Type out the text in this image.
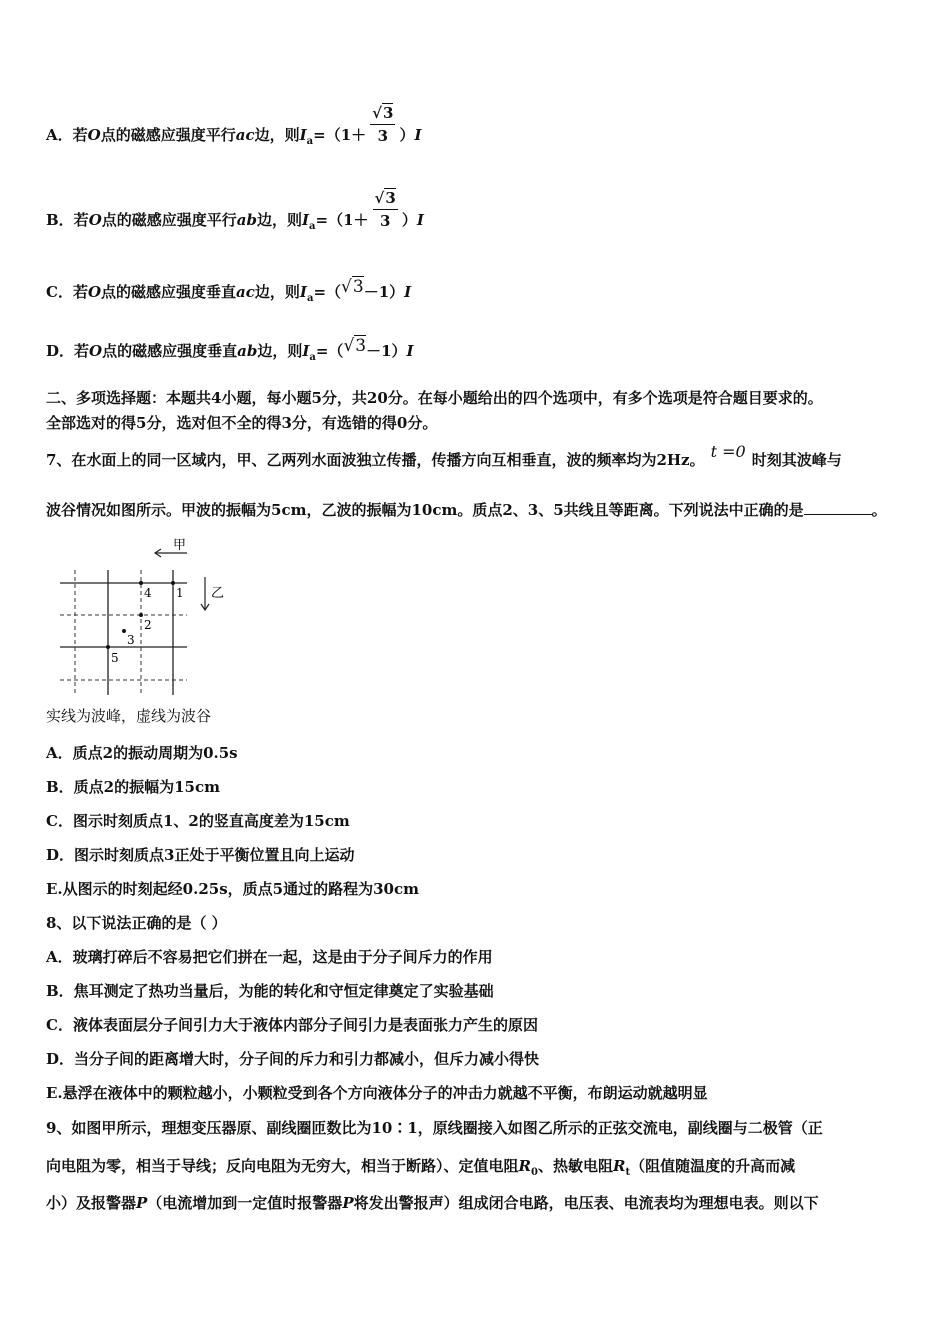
A．若O点的磁感应强度平行ac边，则$I_a=(1+ \frac{√3}{3} )I$
B．若O点的磁感应强度平行ab边，则$I_a=(1+ \frac{√3}{3} )I$
C．若O点的磁感应强度垂直ac边，则$I_a=(√3-1)I$
D．若O点的磁感应强度垂直ab边，则$I_a=(√3-1)I$
二、多项选择题：本题共4小题，每小题5分，共20分。在每小题给出的四个选项中，有多个选项是符合题目要求的。
全部选对的得5分，选对但不全的得3分，有选错的得0分。
7、在水面上的同一区域内，甲、乙两列水面波独立传播，传播方向互相垂直，波的频率均为2Hz。 t =0 时刻其波峰与
波谷情况如图所示。甲波的振幅为5cm，乙波的振幅为10cm。质点2、3、5共线且等距离。下列说法中正确的是	。
甲
乙
1
2
3
4
5
实线为波峰，虚线为波谷
A．质点2的振动周期为0.5s
B．质点2的振幅为15cm
C．图示时刻质点1、2的竖直高度差为15cm
D．图示时刻质点3正处于平衡位置且向上运动
E.从图示的时刻起经0.25s，质点5通过的路程为30cm
8、以下说法正确的是（ ）
A．玻璃打碎后不容易把它们拼在一起，这是由于分子间斥力的作用
B．焦耳测定了热功当量后，为能的转化和守恒定律奠定了实验基础
C．液体表面层分子间引力大于液体内部分子间引力是表面张力产生的原因
D．当分子间的距离增大时，分子间的斥力和引力都减小，但斥力减小得快
E.悬浮在液体中的颗粒越小，小颗粒受到各个方向液体分子的冲击力就越不平衡，布朗运动就越明显
9、如图甲所示，理想变压器原、副线圈匝数比为10∶1，原线圈接入如图乙所示的正弦交流电，副线圈与二极管（正
向电阻为零，相当于导线；反向电阻为无穷大，相当于断路）、定值电阻$R_0$、热敏电阻$R_t$（阻值随温度的升高而减
小）及报警器P（电流增加到一定值时报警器P将发出警报声）组成闭合电路，电压表、电流表均为理想电表。则以下
